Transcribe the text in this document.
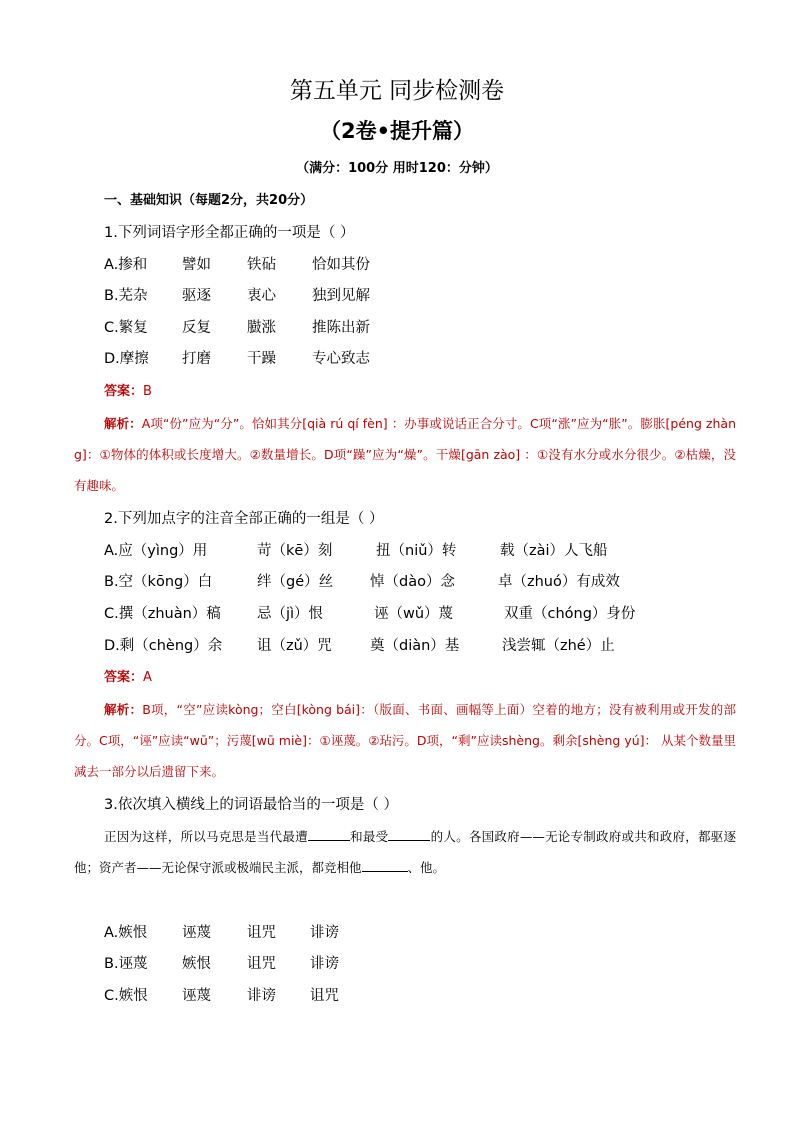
第五单元 同步检测卷
（2卷•提升篇）
（满分：100分 用时120：分钟）
一、基础知识（每题2分，共20分）
1.下列词语字形全都正确的一项是（ ）
A.掺和 譬如 铁砧 恰如其份
B.芜杂 驱逐 衷心 独到见解
C.繁复 反复 臌涨 推陈出新
D.摩擦 打磨 干躁 专心致志
答案：B
解析：A项“份”应为“分”。恰如其分[qià rú qí fèn] ：办事或说话正合分寸。C项“涨”应为“胀”。膨胀[péng zhàng]：①物体的体积或长度增大。②数量增长。D项“躁”应为“燥”。干燥[gān zào] ：①没有水分或水分很少。②枯燥，没有趣味。
2.下列加点字的注音全部正确的一组是（ ）
A.应（yìng）用	苛（kē）刻	扭（niǔ）转	载（zài）人飞船
B.空（kōng）白	绊（gé）丝	悼（dào）念	卓（zhuó）有成效
C.撰（zhuàn）稿 忌（jì）恨	诬（wǔ）蔑	双重（chóng）身份
D.剩（chèng）余 诅（zǔ）咒	奠（diàn）基	浅尝辄（zhé）止
答案：A
解析：B项，“空”应读kòng；空白[kòng bái]：（版面、书面、画幅等上面）空着的地方；没有被利用或开发的部分。C项，“诬”应读“wū”；污蔑[wū miè]：①诬蔑。②玷污。D项，“剩”应读shèng。剩余[shèng yú]： 从某个数量里减去一部分以后遗留下来。
3.依次填入横线上的词语最恰当的一项是（ ）
正因为这样，所以马克思是当代最遭	和最受	的人。各国政府——无论专制政府或共和政府，都驱逐他；资产者——无论保守派或极端民主派，都竞相他	、他。
A.嫉恨 诬蔑 诅咒 诽谤
B.诬蔑 嫉恨 诅咒 诽谤
C.嫉恨 诬蔑 诽谤 诅咒
